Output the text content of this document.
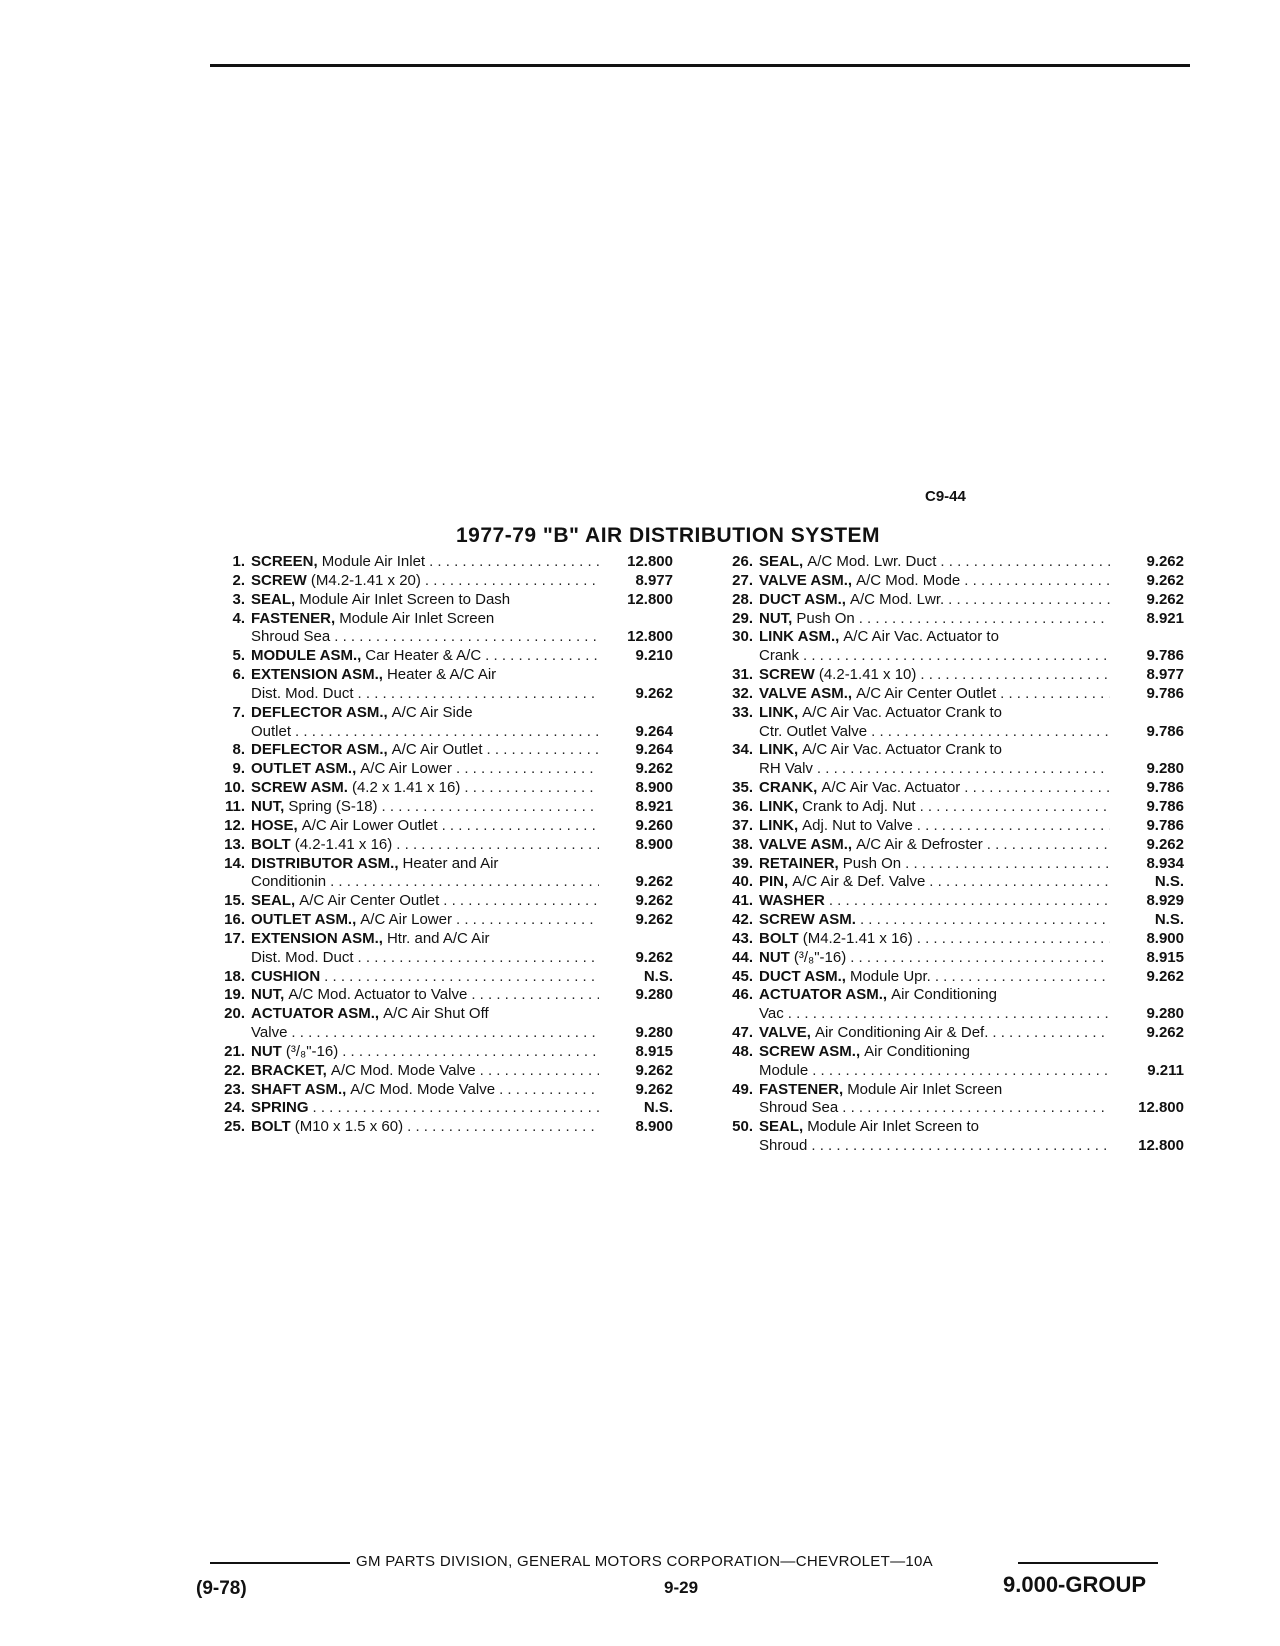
C9-44
1977-79 "B" AIR DISTRIBUTION SYSTEM
1. SCREEN, Module Air Inlet . . .	12.800
2. SCREW (M4.2-1.41 x 20) . . .	8.977
3. SEAL, Module Air Inlet Screen to Dash	12.800
4. FASTENER, Module Air Inlet Screen
Shroud Sea . . .	12.800
5. MODULE ASM., Car Heater & A/C . . .	9.210
6. EXTENSION ASM., Heater & A/C Air
Dist. Mod. Duct . . .	9.262
7. DEFLECTOR ASM., A/C Air Side
Outlet . . .	9.264
8. DEFLECTOR ASM., A/C Air Outlet . . .	9.264
9. OUTLET ASM., A/C Air Lower . . .	9.262
10. SCREW ASM. (4.2 x 1.41 x 16) . . .	8.900
11. NUT, Spring (S-18) . . .	8.921
12. HOSE, A/C Air Lower Outlet . . .	9.260
13. BOLT (4.2-1.41 x 16) . . .	8.900
14. DISTRIBUTOR ASM., Heater and Air
Conditionin . . .	9.262
15. SEAL, A/C Air Center Outlet . . .	9.262
16. OUTLET ASM., A/C Air Lower . . .	9.262
17. EXTENSION ASM., Htr. and A/C Air
Dist. Mod. Duct . . .	9.262
18. CUSHION . . .	N.S.
19. NUT, A/C Mod. Actuator to Valve . . .	9.280
20. ACTUATOR ASM., A/C Air Shut Off
Valve . . .	9.280
21. NUT (³/₈"-16) . . .	8.915
22. BRACKET, A/C Mod. Mode Valve . . .	9.262
23. SHAFT ASM., A/C Mod. Mode Valve . . .	9.262
24. SPRING . . .	N.S.
25. BOLT (M10 x 1.5 x 60) . . .	8.900
26. SEAL, A/C Mod. Lwr. Duct . . .	9.262
27. VALVE ASM., A/C Mod. Mode . . .	9.262
28. DUCT ASM., A/C Mod. Lwr. . . .	9.262
29. NUT, Push On . . .	8.921
30. LINK ASM., A/C Air Vac. Actuator to
Crank . . .	9.786
31. SCREW (4.2-1.41 x 10) . . .	8.977
32. VALVE ASM., A/C Air Center Outlet . . .	9.786
33. LINK, A/C Air Vac. Actuator Crank to
Ctr. Outlet Valve . . .	9.786
34. LINK, A/C Air Vac. Actuator Crank to
RH Valv . . .	9.280
35. CRANK, A/C Air Vac. Actuator . . .	9.786
36. LINK, Crank to Adj. Nut . . .	9.786
37. LINK, Adj. Nut to Valve . . .	9.786
38. VALVE ASM., A/C Air & Defroster . . .	9.262
39. RETAINER, Push On . . .	8.934
40. PIN, A/C Air & Def. Valve . . .	N.S.
41. WASHER . . .	8.929
42. SCREW ASM. . . .	N.S.
43. BOLT (M4.2-1.41 x 16) . . .	8.900
44. NUT (³/₈"-16) . . .	8.915
45. DUCT ASM., Module Upr. . . .	9.262
46. ACTUATOR ASM., Air Conditioning
Vac . . .	9.280
47. VALVE, Air Conditioning Air & Def. . . .	9.262
48. SCREW ASM., Air Conditioning
Module . . .	9.211
49. FASTENER, Module Air Inlet Screen
Shroud Sea . . .	12.800
50. SEAL, Module Air Inlet Screen to
Shroud . . .	12.800
GM PARTS DIVISION, GENERAL MOTORS CORPORATION—CHEVROLET—10A
(9-78)	9-29	9.000-GROUP
